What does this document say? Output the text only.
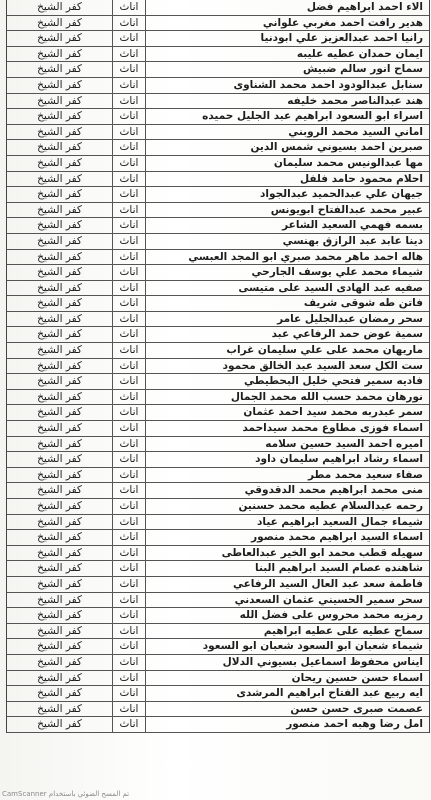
كفر الشيخ	اناث	الاء احمد ابراهيم فضل
كفر الشيخ	اناث	هدير رافت احمد مغربي علواني
كفر الشيخ	اناث	رانيا احمد عبدالعزيز علي ابودنيا
كفر الشيخ	اناث	ايمان حمدان عطيه عليبه
كفر الشيخ	اناث	سماح انور سالم ضبيش
كفر الشيخ	اناث	سنابل عبدالودود احمد محمد الشناوى
كفر الشيخ	اناث	هند عبدالناصر محمد خليفه
كفر الشيخ	اناث	اسراء ابو السعود ابراهيم عبد الجليل حميده
كفر الشيخ	اناث	اماني السيد محمد الروبني
كفر الشيخ	اناث	صبرين احمد بسيوني شمس الدين
كفر الشيخ	اناث	مها عبدالونيس محمد سليمان
كفر الشيخ	اناث	احلام محمود حامد فلفل
كفر الشيخ	اناث	جيهان علي عبدالحميد عبدالجواد
كفر الشيخ	اناث	عبير محمد عبدالفتاح ابويونس
كفر الشيخ	اناث	بسمه فهمي السعيد الشاعر
كفر الشيخ	اناث	دينا عابد عبد الرازق بهنسي
كفر الشيخ	اناث	هاله احمد ماهر محمد صبري ابو المجد العبسي
كفر الشيخ	اناث	شيماء محمد علي يوسف الجارحي
كفر الشيخ	اناث	صفيه عبد الهادى السيد على متيسى
كفر الشيخ	اناث	فاتن طه شوقى شريف
كفر الشيخ	اناث	سحر رمضان عبدالجليل عامر
كفر الشيخ	اناث	سمية عوض حمد الرفاعي عبد
كفر الشيخ	اناث	ماريهان محمد على علي سليمان غراب
كفر الشيخ	اناث	ست الكل سعد السيد عبد الخالق محمود
كفر الشيخ	اناث	فاديه سمير فتحي خليل البحطيطي
كفر الشيخ	اناث	نورهان محمد حسب الله محمد الجمال
كفر الشيخ	اناث	سمر عبدربه محمد سيد احمد عثمان
كفر الشيخ	اناث	اسماء فوزى مطاوع محمد سيداحمد
كفر الشيخ	اناث	اميره احمد السيد حسين سلامه
كفر الشيخ	اناث	اسماء رشاد ابراهيم سليمان داود
كفر الشيخ	اناث	صفاء سعيد محمد مطر
كفر الشيخ	اناث	منى محمد ابراهيم محمد الدقدوقي
كفر الشيخ	اناث	رحمه عبدالسلام عطيه محمد حسنين
كفر الشيخ	اناث	شيماء جمال السعيد ابراهيم عياد
كفر الشيخ	اناث	اسماء السيد ابراهيم محمد منصور
كفر الشيخ	اناث	سهيله قطب محمد ابو الخير عبدالعاطى
كفر الشيخ	اناث	شاهنده عصام السيد ابراهيم البنا
كفر الشيخ	اناث	فاطمة سعد عبد العال السيد الرفاعي
كفر الشيخ	اناث	سحر سمير الحسيني عثمان السعدني
كفر الشيخ	اناث	رمزيه محمد محروس على فضل الله
كفر الشيخ	اناث	سماح عطيه على عطيه ابراهيم
كفر الشيخ	اناث	شيماء شعبان ابو السعود شعبان ابو السعود
كفر الشيخ	اناث	ايناس محفوظ اسماعيل بسيوني الدلال
كفر الشيخ	اناث	اسماء حسن حسين ريحان
كفر الشيخ	اناث	ايه ربيع عبد الفتاح ابراهيم المرشدى
كفر الشيخ	اناث	عصمت صبرى حسن حسن
كفر الشيخ	اناث	امل رضا وهبه احمد منصور
CamScanner تم المسح الضوئي باستخدام
